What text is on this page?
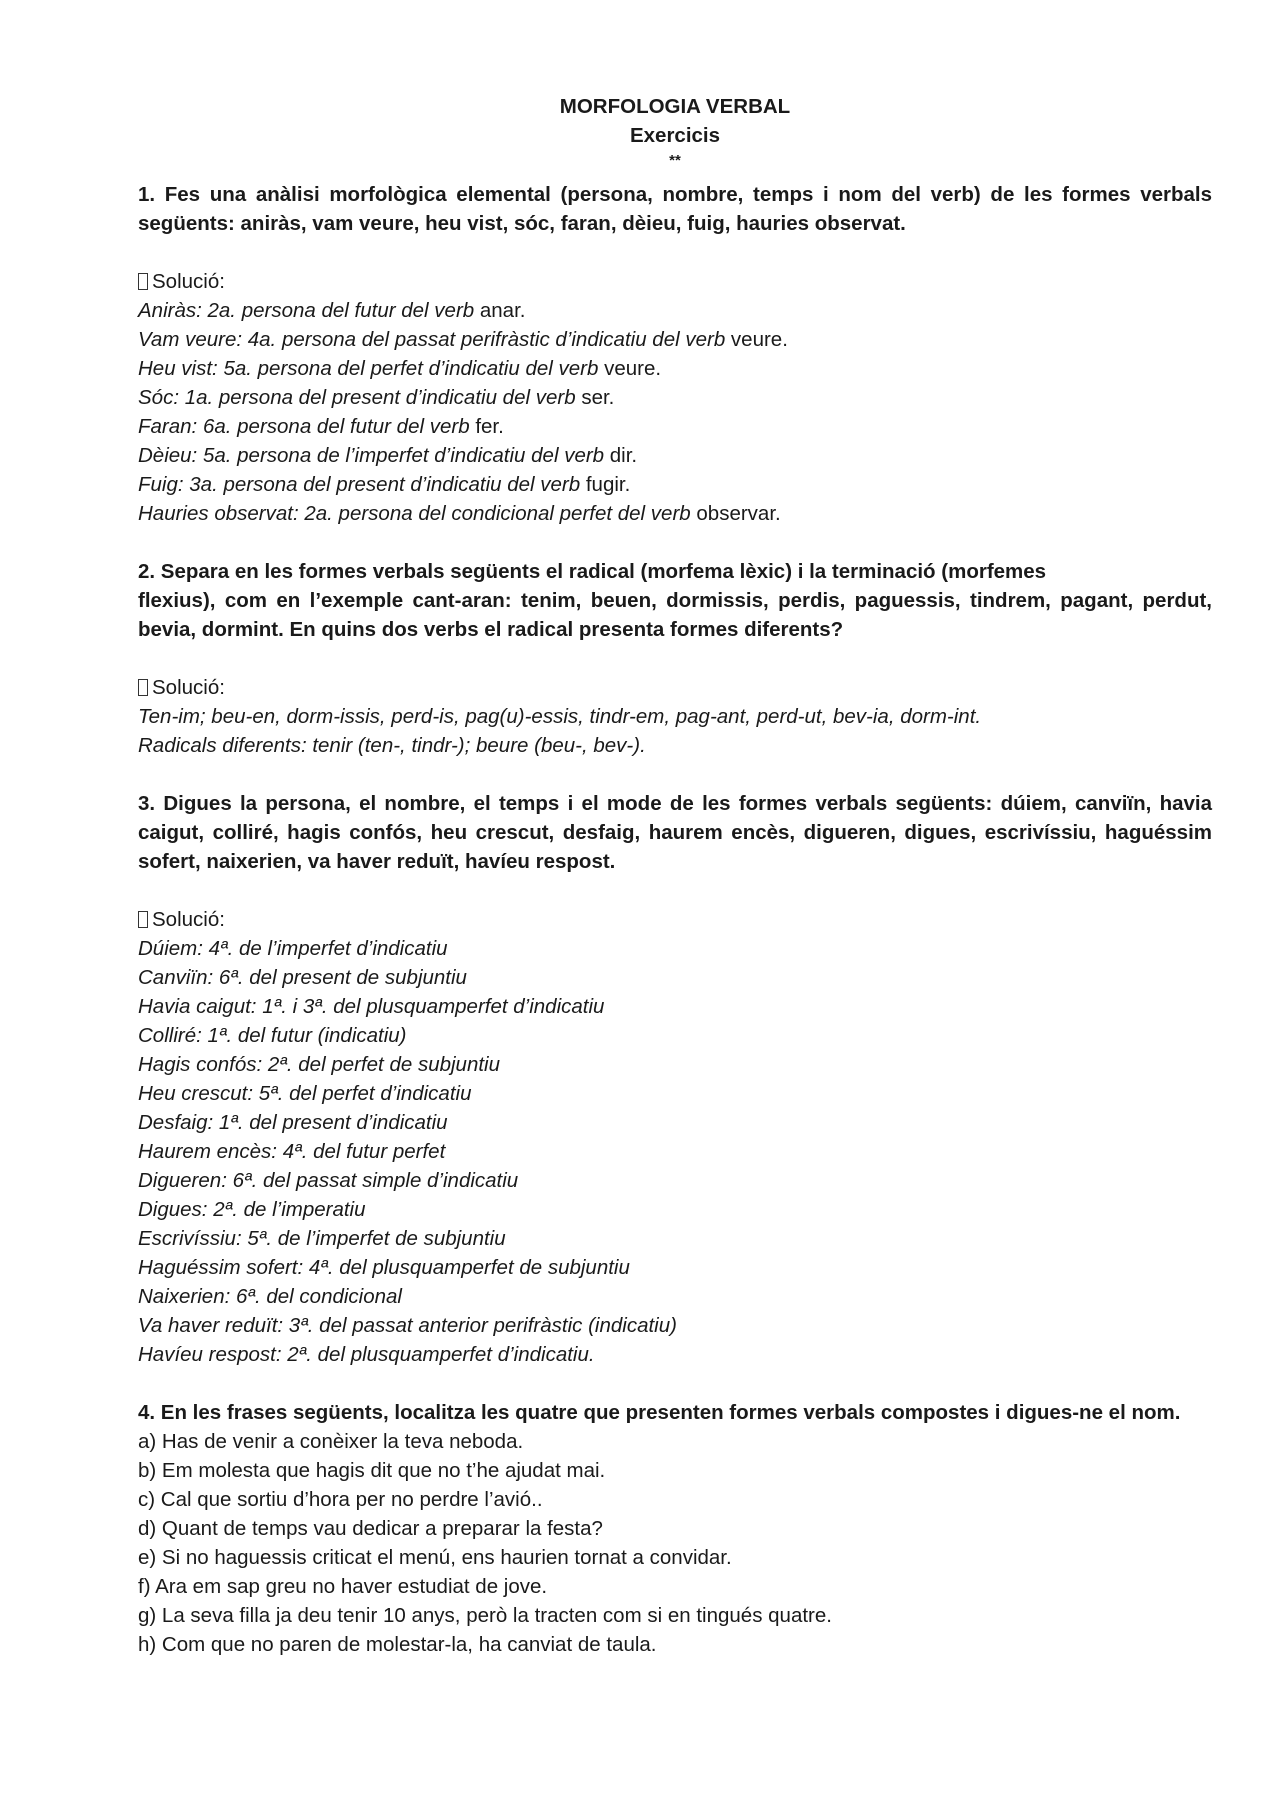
MORFOLOGIA VERBAL

Exercicis

**

1. Fes una anàlisi morfològica elemental (persona, nombre, temps i nom del verb) de les formes verbals següents: aniràs, vam veure, heu vist, sóc, faran, dèieu, fuig, hauries observat.

Solució:

Aniràs: 2a. persona del futur del verb anar.

Vam veure: 4a. persona del passat perifràstic d’indicatiu del verb veure.

Heu vist: 5a. persona del perfet d’indicatiu del verb veure.

Sóc: 1a. persona del present d’indicatiu del verb ser.

Faran: 6a. persona del futur del verb fer.

Dèieu: 5a. persona de l’imperfet d’indicatiu del verb dir.

Fuig: 3a. persona del present d’indicatiu del verb fugir.

Hauries observat: 2a. persona del condicional perfet del verb observar.

2. Separa en les formes verbals següents el radical (morfema lèxic) i la terminació (morfemes

flexius), com en l’exemple cant-aran: tenim, beuen, dormissis, perdis, paguessis, tindrem, pagant, perdut, bevia, dormint. En quins dos verbs el radical presenta formes diferents?

Solució:

Ten-im; beu-en, dorm-issis, perd-is, pag(u)-essis, tindr-em, pag-ant, perd-ut, bev-ia, dorm-int.

Radicals diferents: tenir (ten-, tindr-); beure (beu-, bev-).

3. Digues la persona, el nombre, el temps i el mode de les formes verbals següents: dúiem, canviïn, havia caigut, colliré, hagis confós, heu crescut, desfaig, haurem encès, digueren, digues, escrivíssiu, haguéssim sofert, naixerien, va haver reduït, havíeu respost.

Solució:

Dúiem: 4ª. de l’imperfet d’indicatiu

Canviïn: 6ª. del present de subjuntiu

Havia caigut: 1ª. i 3ª. del plusquamperfet d’indicatiu

Colliré: 1ª. del futur (indicatiu)

Hagis confós: 2ª. del perfet de subjuntiu

Heu crescut: 5ª. del perfet d’indicatiu

Desfaig: 1ª. del present d’indicatiu

Haurem encès: 4ª. del futur perfet

Digueren: 6ª. del passat simple d’indicatiu

Digues: 2ª. de l’imperatiu

Escrivíssiu: 5ª. de l’imperfet de subjuntiu

Haguéssim sofert: 4ª. del plusquamperfet de subjuntiu

Naixerien: 6ª. del condicional

Va haver reduït: 3ª. del passat anterior perifràstic (indicatiu)

Havíeu respost: 2ª. del plusquamperfet d’indicatiu.

4. En les frases següents, localitza les quatre que presenten formes verbals compostes i digues-ne el nom.

a) Has de venir a conèixer la teva neboda.

b) Em molesta que hagis dit que no t’he ajudat mai.

c) Cal que sortiu d’hora per no perdre l’avió..

d) Quant de temps vau dedicar a preparar la festa?

e) Si no haguessis criticat el menú, ens haurien tornat a convidar.

f) Ara em sap greu no haver estudiat de jove.

g) La seva filla ja deu tenir 10 anys, però la tracten com si en tingués quatre.

h) Com que no paren de molestar-la, ha canviat de taula.
